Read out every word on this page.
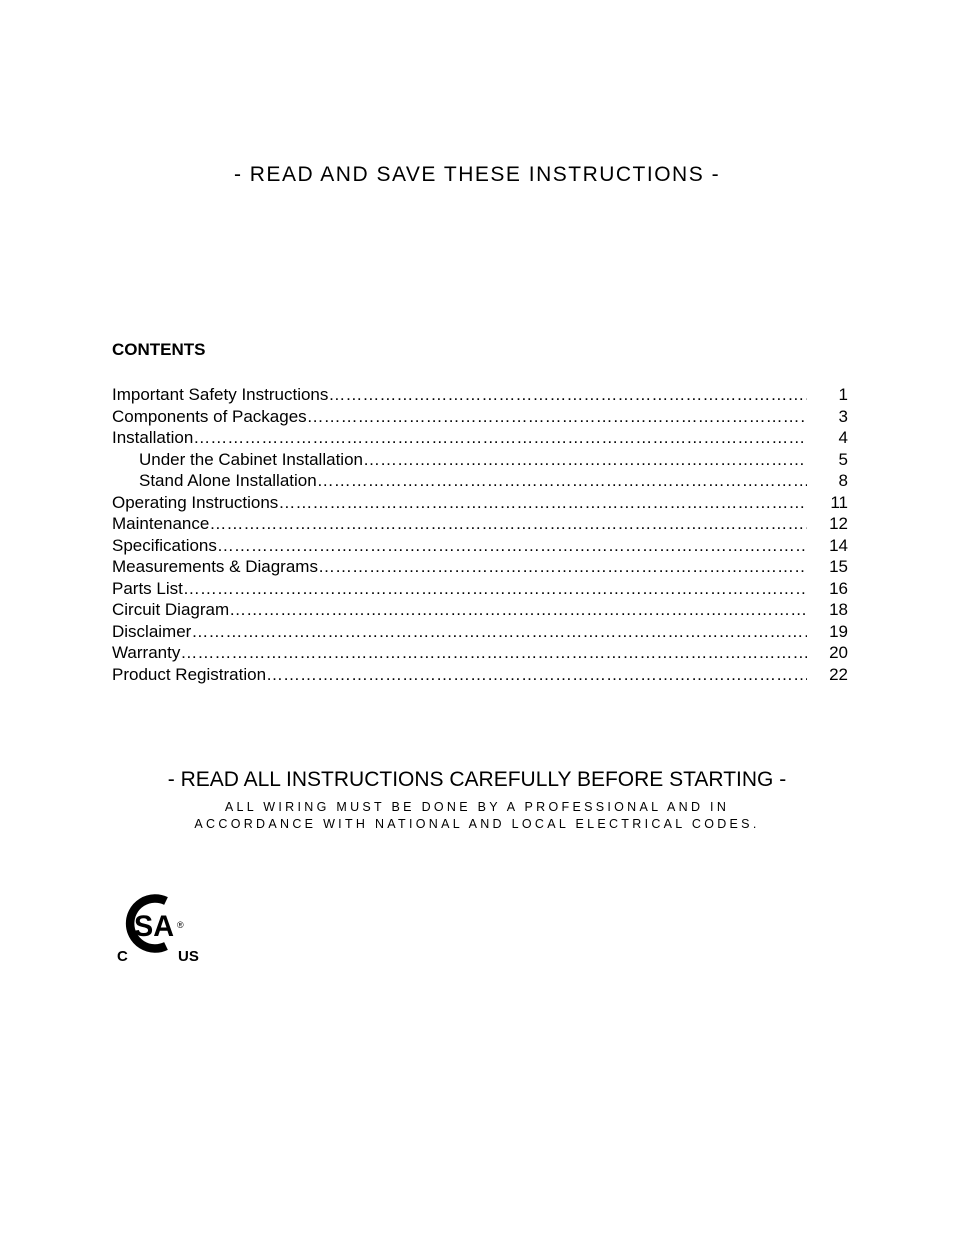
- READ AND SAVE THESE INSTRUCTIONS -
CONTENTS
Important Safety Instructions ……………………………………………………………………………………………………………………………………………………………………………………………………………………………………	1
Components of Packages ……………………………………………………………………………………………………………………………………………………………………………………………………………………………………	3
Installation ……………………………………………………………………………………………………………………………………………………………………………………………………………………………………	4
Under the Cabinet Installation ……………………………………………………………………………………………………………………………………………………………………………………………………………………………………	5
Stand Alone Installation ……………………………………………………………………………………………………………………………………………………………………………………………………………………………………	8
Operating Instructions ……………………………………………………………………………………………………………………………………………………………………………………………………………………………………	11
Maintenance ……………………………………………………………………………………………………………………………………………………………………………………………………………………………………	12
Specifications ……………………………………………………………………………………………………………………………………………………………………………………………………………………………………	14
Measurements & Diagrams ……………………………………………………………………………………………………………………………………………………………………………………………………………………………………	15
Parts List ……………………………………………………………………………………………………………………………………………………………………………………………………………………………………	16
Circuit Diagram ……………………………………………………………………………………………………………………………………………………………………………………………………………………………………	18
Disclaimer ……………………………………………………………………………………………………………………………………………………………………………………………………………………………………	19
Warranty ……………………………………………………………………………………………………………………………………………………………………………………………………………………………………	20
Product Registration ……………………………………………………………………………………………………………………………………………………………………………………………………………………………………	22
- READ ALL INSTRUCTIONS CAREFULLY BEFORE STARTING -
ALL WIRING MUST BE DONE BY A PROFESSIONAL AND IN
ACCORDANCE WITH NATIONAL AND LOCAL ELECTRICAL CODES.
SA ®
C	US
